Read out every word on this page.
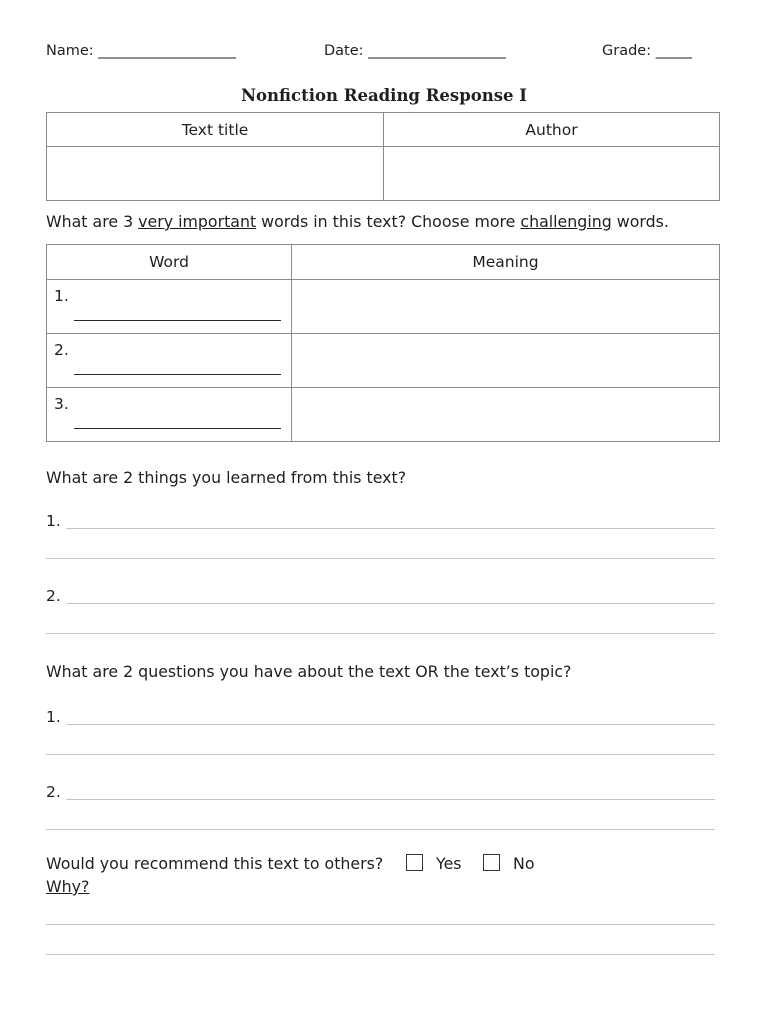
Name: ___________________	Date: ___________________	Grade: _____
Nonfiction Reading Response I
Text title	Author

What are 3 very important words in this text? Choose more challenging words.
Word	Meaning

1.	

2.	

3.	

What are 2 things you learned from this text?
1.
2.
What are 2 questions you have about the text OR the text’s topic?
1.
2.
Would you recommend this text to others?	Yes	No
Why?
